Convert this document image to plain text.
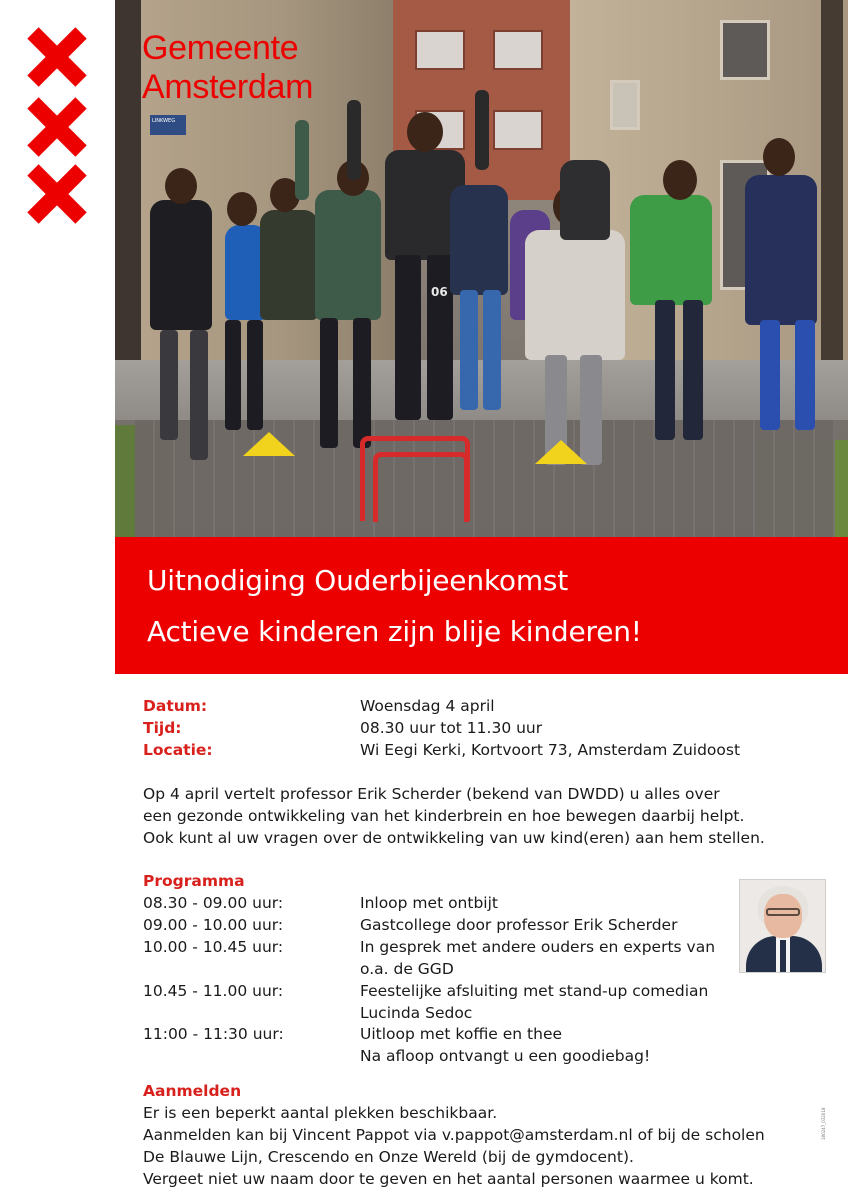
LINKWEG
06
Gemeente
Amsterdam
Uitnodiging Ouderbijeenkomst
Actieve kinderen zijn blije kinderen!
Datum:	Woensdag 4 april
Tijd:	08.30 uur tot 11.30 uur
Locatie:	Wi Eegi Kerki, Kortvoort 73, Amsterdam Zuidoost
Op 4 april vertelt professor Erik Scherder (bekend van DWDD) u alles over
een gezonde ontwikkeling van het kinderbrein en hoe bewegen daarbij helpt.
Ook kunt al uw vragen over de ontwikkeling van uw kind(eren) aan hem stellen.
Programma
08.30 - 09.00 uur:	Inloop met ontbijt
09.00 - 10.00 uur:	Gastcollege door professor Erik Scherder
10.00 - 10.45 uur:	In gesprek met andere ouders en experts van
o.a. de GGD
10.45 - 11.00 uur:	Feestelijke afsluiting met stand-up comedian
Lucinda Sedoc
11:00 - 11:30 uur:	Uitloop met koffie en thee
Na afloop ontvangt u een goodiebag!
Aanmelden
Er is een beperkt aantal plekken beschikbaar.
Aanmelden kan bij Vincent Pappot via v.pappot@amsterdam.nl of bij de scholen
De Blauwe Lijn, Crescendo en Onze Wereld (bij de gymdocent).
Vergeet niet uw naam door te geven en het aantal personen waarmee u komt.
180247_032018
